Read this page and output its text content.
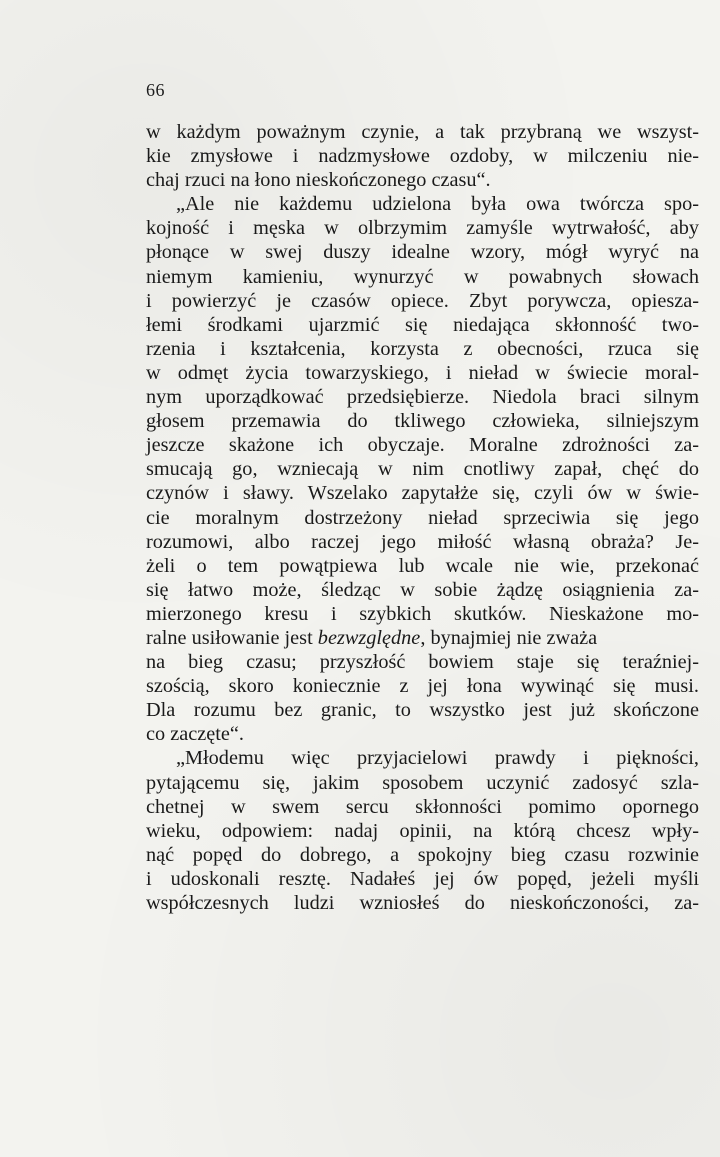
66
w każdym poważnym czynie, a tak przybraną we wszyst-
kie zmysłowe i nadzmysłowe ozdoby, w milczeniu nie-
chaj rzuci na łono nieskończonego czasu“.
„Ale nie każdemu udzielona była owa twórcza spo-
kojność i męska w olbrzymim zamyśle wytrwałość, aby
płonące w swej duszy idealne wzory, mógł wyryć na
niemym kamieniu, wynurzyć w powabnych słowach
i powierzyć je czasów opiece. Zbyt porywcza, opiesza-
łemi środkami ujarzmić się niedająca skłonność two-
rzenia i kształcenia, korzysta z obecności, rzuca się
w odmęt życia towarzyskiego, i nieład w świecie moral-
nym uporządkować przedsiębierze. Niedola braci silnym
głosem przemawia do tkliwego człowieka, silniejszym
jeszcze skażone ich obyczaje. Moralne zdrożności za-
smucają go, wzniecają w nim cnotliwy zapał, chęć do
czynów i sławy. Wszelako zapytałże się, czyli ów w świe-
cie moralnym dostrzeżony nieład sprzeciwia się jego
rozumowi, albo raczej jego miłość własną obraża? Je-
żeli o tem powątpiewa lub wcale nie wie, przekonać
się łatwo może, śledząc w sobie żądzę osiągnienia za-
mierzonego kresu i szybkich skutków. Nieskażone mo-
ralne usiłowanie jest bezwzględne, bynajmiej nie zważa
na bieg czasu; przyszłość bowiem staje się teraźniej-
szością, skoro koniecznie z jej łona wywinąć się musi.
Dla rozumu bez granic, to wszystko jest już skończone
co zaczęte“.
„Młodemu więc przyjacielowi prawdy i piękności,
pytającemu się, jakim sposobem uczynić zadosyć szla-
chetnej w swem sercu skłonności pomimo opornego
wieku, odpowiem: nadaj opinii, na którą chcesz wpły-
nąć popęd do dobrego, a spokojny bieg czasu rozwinie
i udoskonali resztę. Nadałeś jej ów popęd, jeżeli myśli
współczesnych ludzi wzniosłeś do nieskończoności, za-
